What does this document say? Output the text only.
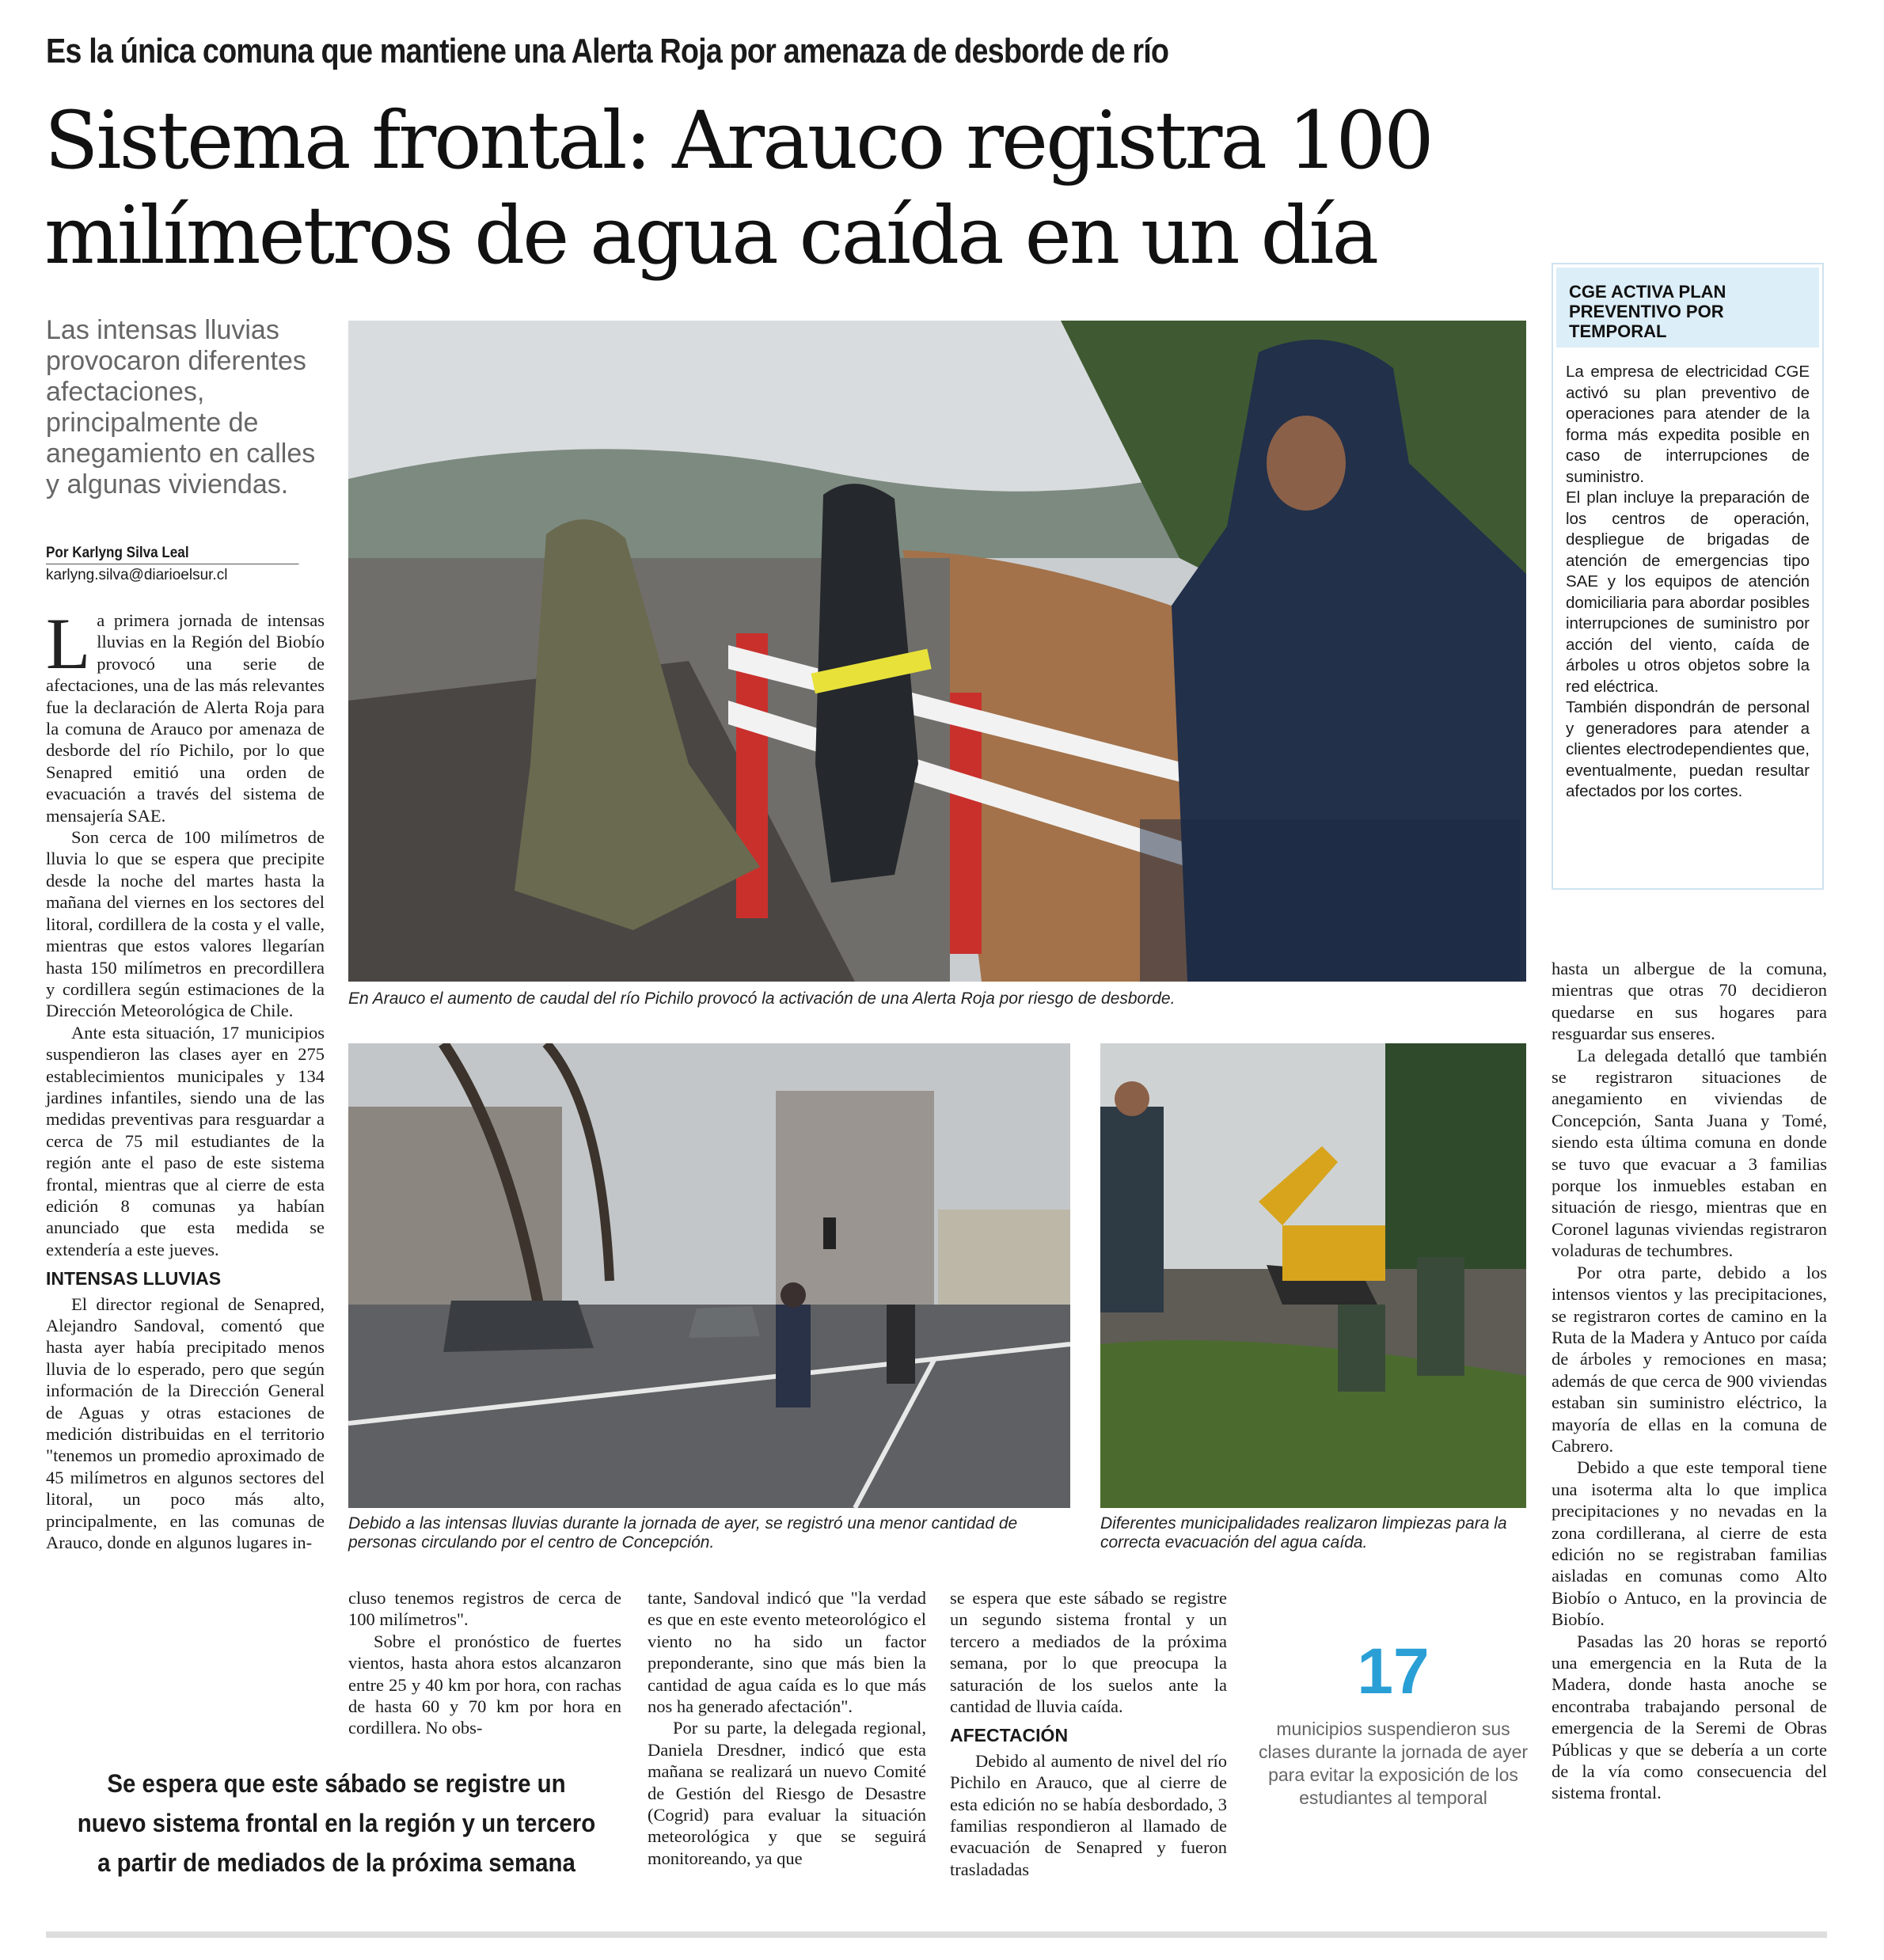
Es la única comuna que mantiene una Alerta Roja por amenaza de desborde de río
Sistema frontal: Arauco registra 100 milímetros de agua caída en un día
Las intensas lluvias provocaron diferentes afectaciones, principalmente de anegamiento en calles y algunas viviendas.
Por Karlyng Silva Leal
karlyng.silva@diarioelsur.cl

La primera jornada de intensas lluvias en la Región del Biobío provocó una serie de afectaciones, una de las más relevantes fue la declaración de Alerta Roja para la comuna de Arauco por amenaza de desborde del río Pichilo, por lo que Senapred emitió una orden de evacuación a través del sistema de mensajería SAE.

Son cerca de 100 milímetros de lluvia lo que se espera que precipite desde la noche del martes hasta la mañana del viernes en los sectores del litoral, cordillera de la costa y el valle, mientras que estos valores llegarían hasta 150 milímetros en precordillera y cordillera según estimaciones de la Dirección Meteorológica de Chile.

Ante esta situación, 17 municipios suspendieron las clases ayer en 275 establecimientos municipales y 134 jardines infantiles, siendo una de las medidas preventivas para resguardar a cerca de 75 mil estudiantes de la región ante el paso de este sistema frontal, mientras que al cierre de esta edición 8 comunas ya habían anunciado que esta medida se extendería a este jueves.

INTENSAS LLUVIAS

El director regional de Senapred, Alejandro Sandoval, comentó que hasta ayer había precipitado menos lluvia de lo esperado, pero que según información de la Dirección General de Aguas y otras estaciones de medición distribuidas en el territorio "tenemos un promedio aproximado de 45 milímetros en algunos sectores del litoral, un poco más alto, principalmente, en las comunas de Arauco, donde en algunos lugares in-

En Arauco el aumento de caudal del río Pichilo provocó la activación de una Alerta Roja por riesgo de desborde.
Debido a las intensas lluvias durante la jornada de ayer, se registró una menor cantidad de personas circulando por el centro de Concepción.
Diferentes municipalidades realizaron limpiezas para la correcta evacuación del agua caída.
CGE ACTIVA PLAN PREVENTIVO POR TEMPORAL

La empresa de electricidad CGE activó su plan preventivo de operaciones para atender de la forma más expedita posible en caso de interrupciones de suministro.

El plan incluye la preparación de los centros de operación, despliegue de brigadas de atención de emergencias tipo SAE y los equipos de atención domiciliaria para abordar posibles interrupciones de suministro por acción del viento, caída de árboles u otros objetos sobre la red eléctrica.

También dispondrán de personal y generadores para atender a clientes electrodependientes que, eventualmente, puedan resultar afectados por los cortes.

cluso tenemos registros de cerca de 100 milímetros".

Sobre el pronóstico de fuertes vientos, hasta ahora estos alcanzaron entre 25 y 40 km por hora, con rachas de hasta 60 y 70 km por hora en cordillera. No obs-

tante, Sandoval indicó que "la verdad es que en este evento meteorológico el viento no ha sido un factor preponderante, sino que más bien la cantidad de agua caída es lo que más nos ha generado afectación".

Por su parte, la delegada regional, Daniela Dresdner, indicó que esta mañana se realizará un nuevo Comité de Gestión del Riesgo de Desastre (Cogrid) para evaluar la situación meteorológica y que se seguirá monitoreando, ya que

se espera que este sábado se registre un segundo sistema frontal y un tercero a mediados de la próxima semana, por lo que preocupa la saturación de los suelos ante la cantidad de lluvia caída.

AFECTACIÓN

Debido al aumento de nivel del río Pichilo en Arauco, que al cierre de esta edición no se había desbordado, 3 familias respondieron al llamado de evacuación de Senapred y fueron trasladadas

hasta un albergue de la comuna, mientras que otras 70 decidieron quedarse en sus hogares para resguardar sus enseres.

La delegada detalló que también se registraron situaciones de anegamiento en viviendas de Concepción, Santa Juana y Tomé, siendo esta última comuna en donde se tuvo que evacuar a 3 familias porque los inmuebles estaban en situación de riesgo, mientras que en Coronel lagunas viviendas registraron voladuras de techumbres.

Por otra parte, debido a los intensos vientos y las precipitaciones, se registraron cortes de camino en la Ruta de la Madera y Antuco por caída de árboles y remociones en masa; además de que cerca de 900 viviendas estaban sin suministro eléctrico, la mayoría de ellas en la comuna de Cabrero.

Debido a que este temporal tiene una isoterma alta lo que implica precipitaciones y no nevadas en la zona cordillerana, al cierre de esta edición no se registraban familias aisladas en comunas como Alto Biobío o Antuco, en la provincia de Biobío.

Pasadas las 20 horas se reportó una emergencia en la Ruta de la Madera, donde hasta anoche se encontraba trabajando personal de emergencia de la Seremi de Obras Públicas y que se debería a un corte de la vía como consecuencia del sistema frontal.

Se espera que este sábado se registre un nuevo sistema frontal en la región y un tercero a partir de mediados de la próxima semana
17
municipios suspendieron sus clases durante la jornada de ayer para evitar la exposición de los estudiantes al temporal
